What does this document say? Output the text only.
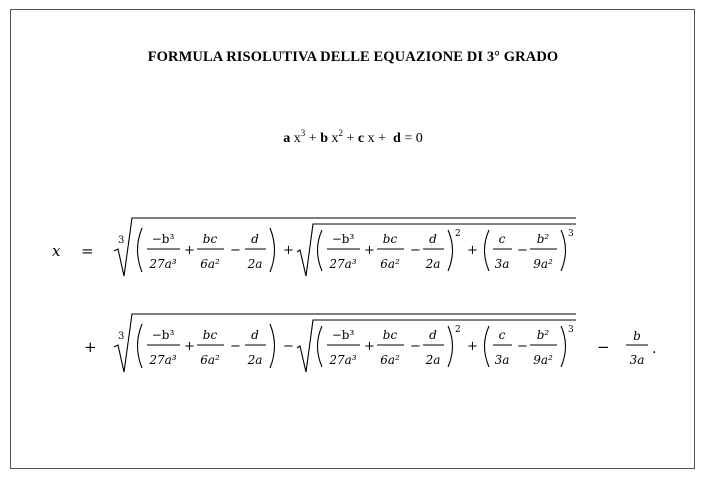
FORMULA RISOLUTIVA DELLE EQUAZIONE DI 3° GRADO
a $x^3 + b$ $x^2 + c$ x + d = 0
x =
3 −b³
27a³
+
bc
6a²
−
d
2a
+
−b³
27a³
+
bc
6a²
−
d
2a
2
+
c
3a
−
b²
9a²
3
+
3 −b³
27a³
+
bc
6a²
−
d
2a
−
−b³
27a³
+
bc
6a²
−
d
2a
2
+
c
3a
−
b²
9a²
3
−
b
3a
.
